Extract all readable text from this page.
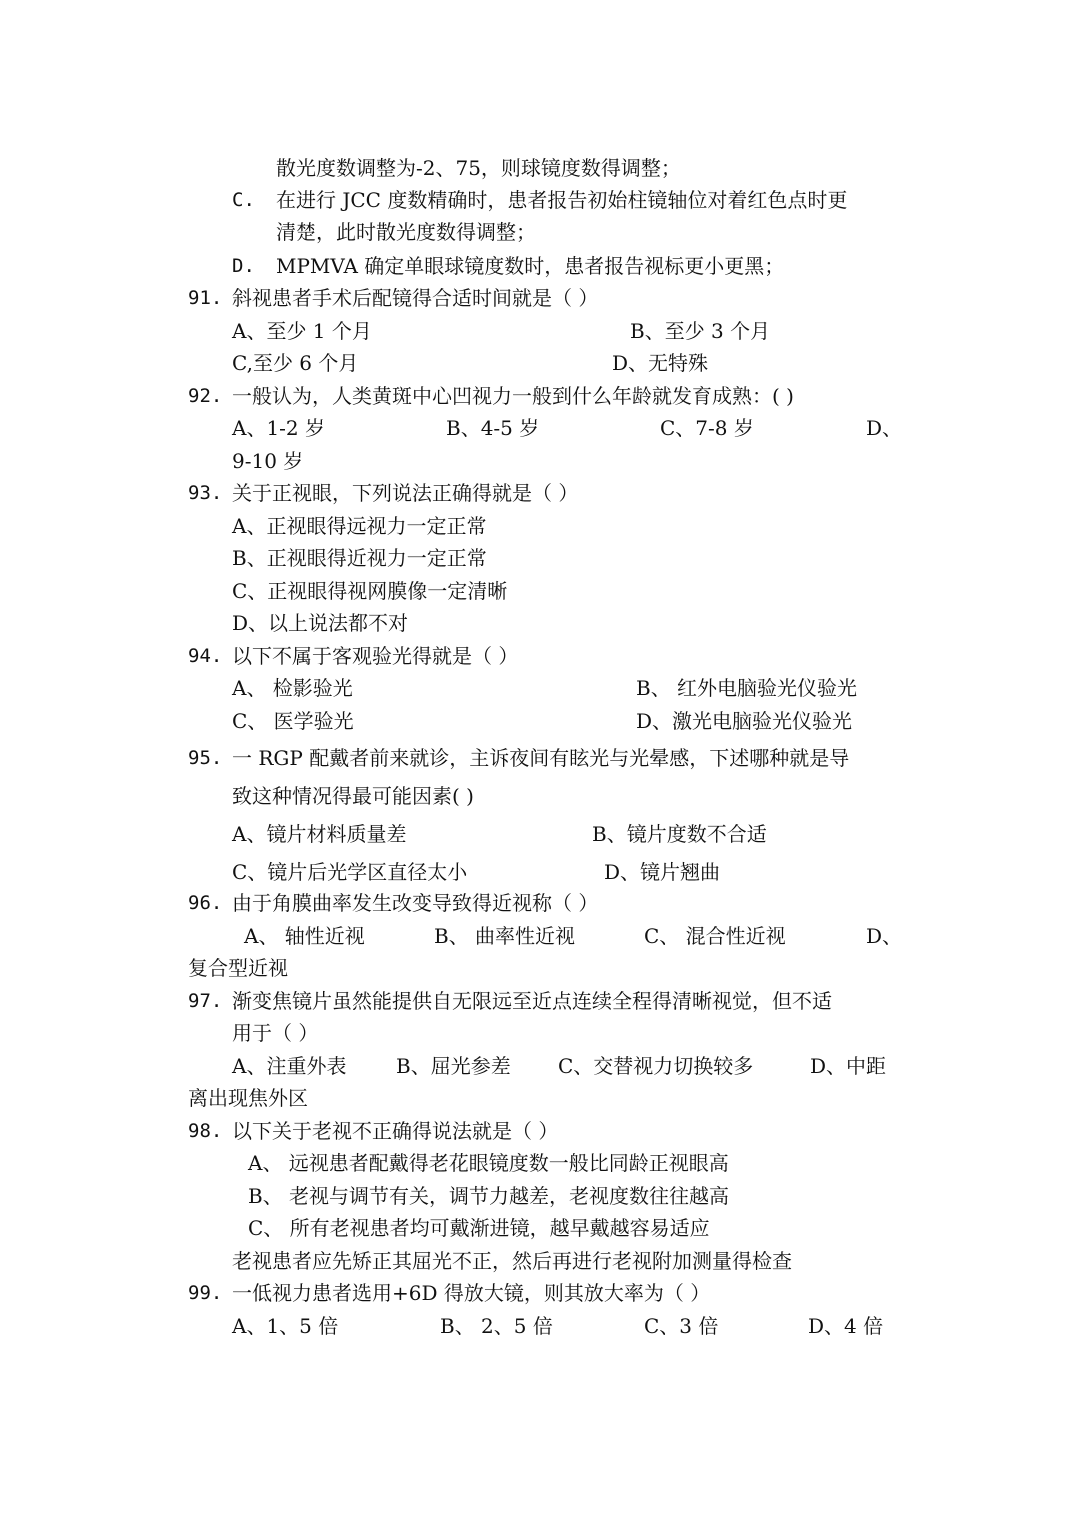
散光度数调整为-2、75，则球镜度数得调整；
C. 在进行 JCC 度数精确时，患者报告初始柱镜轴位对着红色点时更
清楚，此时散光度数得调整；
D. MPMVA 确定单眼球镜度数时，患者报告视标更小更黑；
91. 斜视患者手术后配镜得合适时间就是（ ）
A、至少 1 个月	B、至少 3 个月
C,至少 6 个月	D、无特殊
92. 一般认为，人类黄斑中心凹视力一般到什么年龄就发育成熟：( )
A、1-2 岁	B、4-5 岁	C、7-8 岁	D、
9-10 岁
93. 关于正视眼，下列说法正确得就是（ ）
A、正视眼得远视力一定正常
B、正视眼得近视力一定正常
C、正视眼得视网膜像一定清晰
D、以上说法都不对
94. 以下不属于客观验光得就是（ ）
A、 检影验光	B、 红外电脑验光仪验光
C、 医学验光	D、激光电脑验光仪验光
95. 一 RGP 配戴者前来就诊，主诉夜间有眩光与光晕感，下述哪种就是导
致这种情况得最可能因素( )
A、镜片材料质量差	B、镜片度数不合适
C、镜片后光学区直径太小	D、镜片翘曲
96. 由于角膜曲率发生改变导致得近视称（ ）
A、 轴性近视	B、 曲率性近视	C、 混合性近视	D、
复合型近视
97. 渐变焦镜片虽然能提供自无限远至近点连续全程得清晰视觉，但不适
用于（ ）
A、注重外表 B、屈光参差 C、交替视力切换较多	D、中距
离出现焦外区
98. 以下关于老视不正确得说法就是（ ）
A、 远视患者配戴得老花眼镜度数一般比同龄正视眼高
B、 老视与调节有关，调节力越差，老视度数往往越高
C、 所有老视患者均可戴渐进镜，越早戴越容易适应
老视患者应先矫正其屈光不正，然后再进行老视附加测量得检查
99. 一低视力患者选用+6D 得放大镜，则其放大率为（ ）
A、1、5 倍	B、 2、5 倍	C、3 倍	D、4 倍
